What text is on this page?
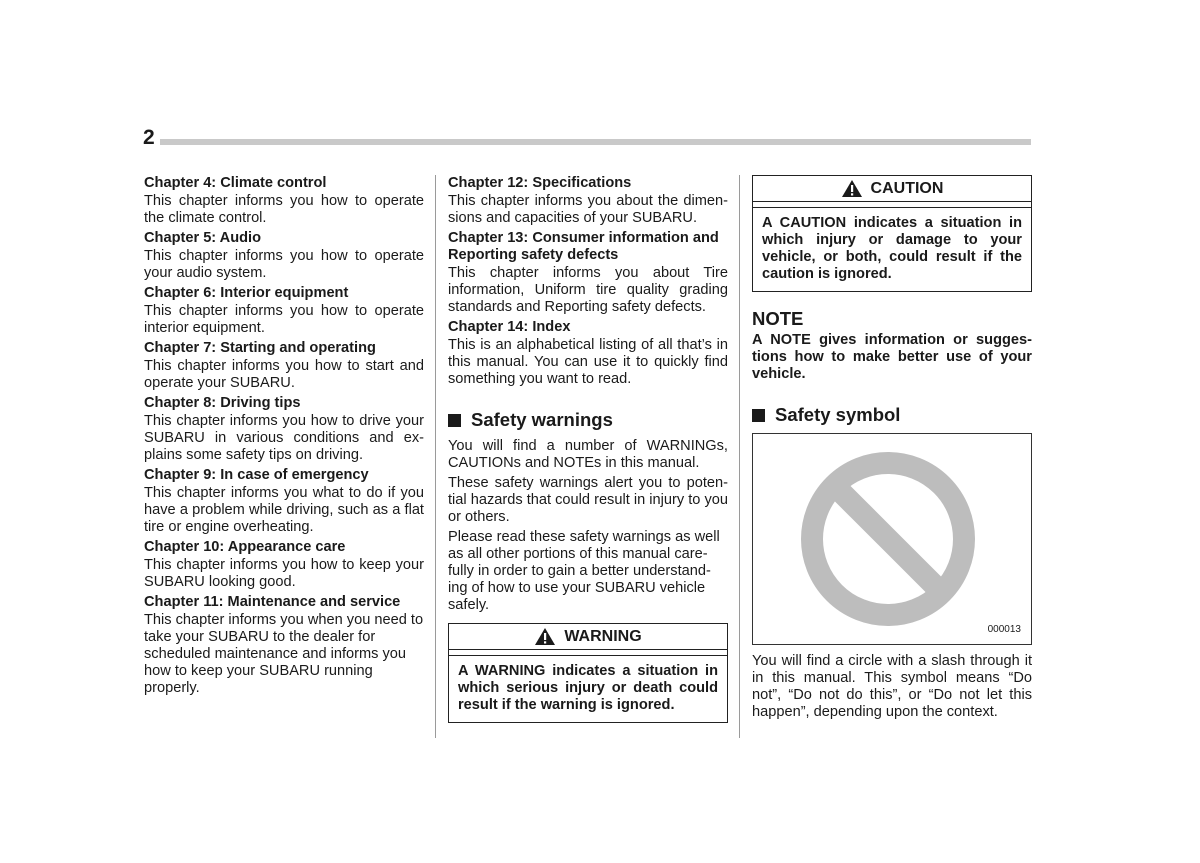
2

Chapter 4: Climate control

This chapter informs you how to operate the climate control.

Chapter 5: Audio

This chapter informs you how to operate your audio system.

Chapter 6: Interior equipment

This chapter informs you how to operate interior equipment.

Chapter 7: Starting and operating

This chapter informs you how to start and operate your SUBARU.

Chapter 8: Driving tips

This chapter informs you how to drive your SUBARU in various conditions and ex-plains some safety tips on driving.

Chapter 9: In case of emergency

This chapter informs you what to do if you have a problem while driving, such as a flat tire or engine overheating.

Chapter 10: Appearance care

This chapter informs you how to keep your SUBARU looking good.

Chapter 11: Maintenance and service

This chapter informs you when you need to take your SUBARU to the dealer for scheduled maintenance and informs you how to keep your SUBARU running properly.

Chapter 12: Specifications

This chapter informs you about the dimen-sions and capacities of your SUBARU.

Chapter 13: Consumer information and Reporting safety defects

This chapter informs you about Tire information, Uniform tire quality grading standards and Reporting safety defects.

Chapter 14: Index

This is an alphabetical listing of all that’s in this manual. You can use it to quickly find something you want to read.

Safety warnings

You will find a number of WARNINGs, CAUTIONs and NOTEs in this manual.

These safety warnings alert you to poten-tial hazards that could result in injury to you or others.

Please read these safety warnings as well as all other portions of this manual care-fully in order to gain a better understand-ing of how to use your SUBARU vehicle safely.

WARNING
A WARNING indicates a situation in which serious injury or death could result if the warning is ignored.
CAUTION
A CAUTION indicates a situation in which injury or damage to your vehicle, or both, could result if the caution is ignored.
NOTE

A NOTE gives information or sugges-tions how to make better use of your vehicle.

Safety symbol
000013

You will find a circle with a slash through it in this manual. This symbol means “Do not”, “Do not do this”, or “Do not let this happen”, depending upon the context.
